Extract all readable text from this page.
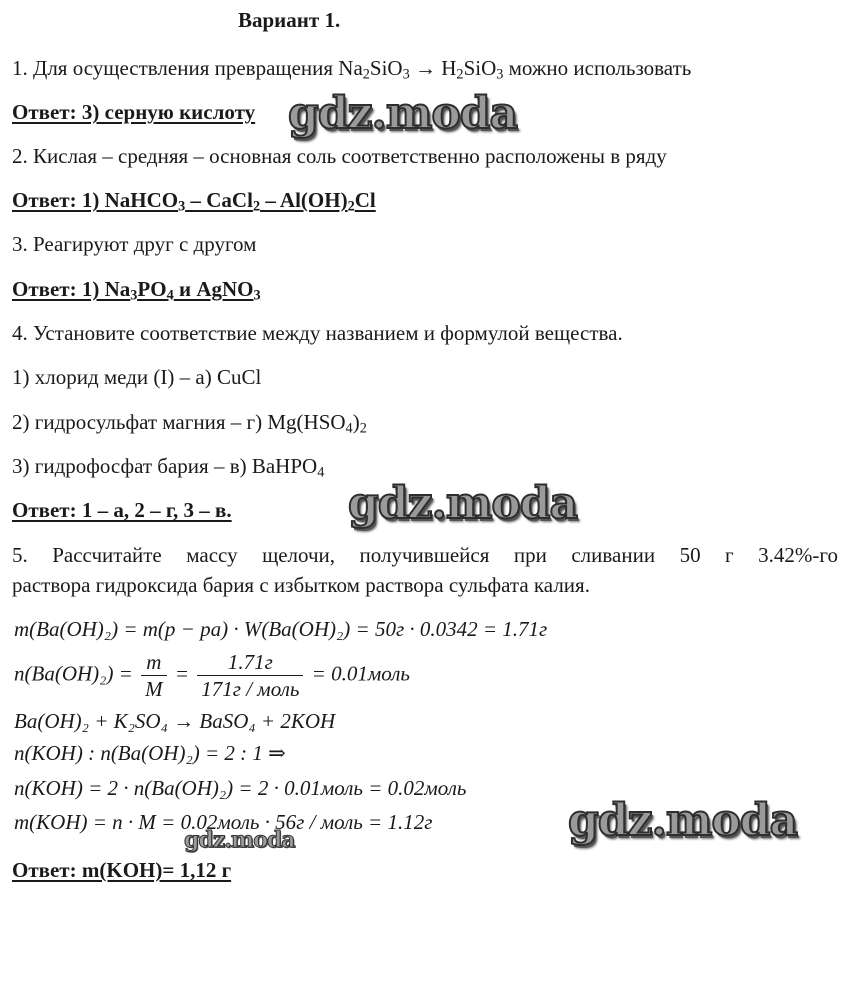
Вариант 1.
1. Для осуществления превращения $Na_2SiO_3 \to H_2SiO_3$ можно использовать
Ответ: 3) серную кислоту
2. Кислая – средняя – основная соль соответственно расположены в ряду
Ответ: 1) NaHCO$_3$ – CaCl$_2$ – $Al(OH)_2Cl$
3. Реагируют друг с другом
Ответ: 1) $Na_3PO_4$ и AgNO$_3$
4. Установите соответствие между названием и формулой вещества.
1) хлорид меди (I) – а) CuCl
2) гидросульфат магния – г) $Mg(HSO_4)_2$
3) гидрофосфат бария – в) BaHPO$_4$
Ответ: 1 – а, 2 – г, 3 – в.
5. Рассчитайте массу щелочи, получившейся при сливании 50 г 3.42%-го
раствора гидроксида бария с избытком раствора сульфата калия.
m(Ba(OH)₂) = m(p − pa) · W(Ba(OH)₂) = 50г · 0.0342 = 1.71г
$n(Ba(OH)_2) = \frac{m}{M} = \frac{1.71г}{\text{171г / моль}}$ = 0.01моль
Ba(OH)₂ + K₂SO₄ → BaSO₄ + 2KOH
n(KOH) : n(Ba(OH)₂) = 2 : 1 ⇒
n(KOH) = 2 · n(Ba(OH)₂) = 2 · 0.01моль = 0.02моль
m(KOH) = n · M = 0.02моль · 56г / моль = 1.12г
Ответ: m(KOH)= 1,12 г
gdz.moda
gdz.moda
gdz.moda
gdz.moda
